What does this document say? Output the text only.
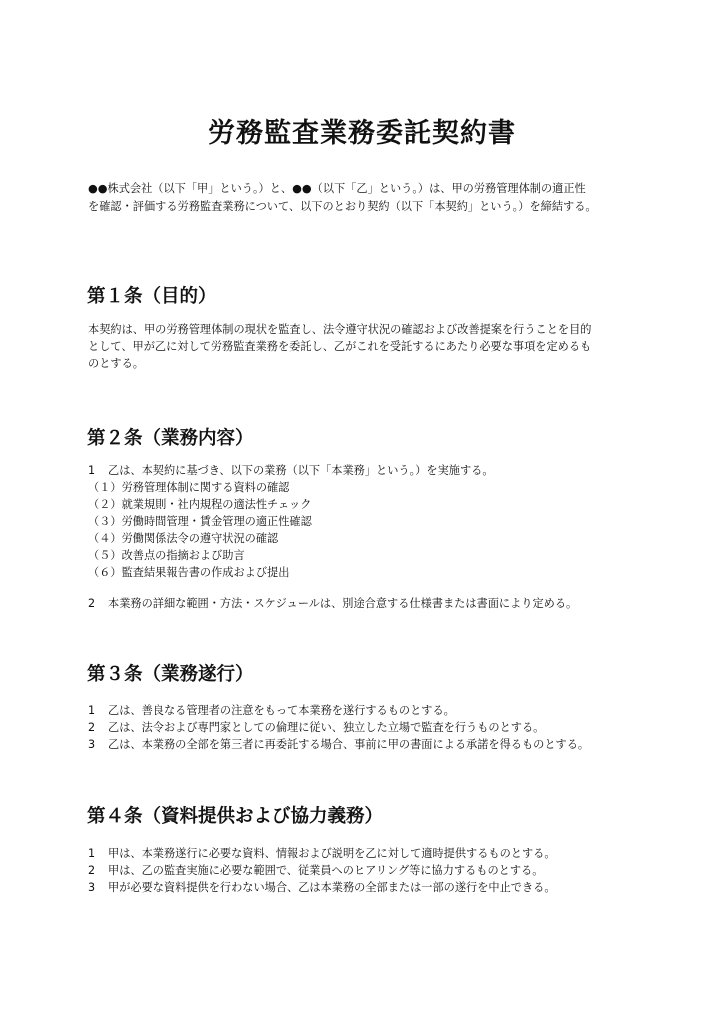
労務監査業務委託契約書
●●株式会社（以下「甲」という。）と、●●（以下「乙」という。）は、甲の労務管理体制の適正性
を確認・評価する労務監査業務について、以下のとおり契約（以下「本契約」という。）を締結する。
第１条（目的）
本契約は、甲の労務管理体制の現状を監査し、法令遵守状況の確認および改善提案を行うことを目的
として、甲が乙に対して労務監査業務を委託し、乙がこれを受託するにあたり必要な事項を定めるも
のとする。
第２条（業務内容）
1 乙は、本契約に基づき、以下の業務（以下「本業務」という。）を実施する。
（１）労務管理体制に関する資料の確認
（２）就業規則・社内規程の適法性チェック
（３）労働時間管理・賃金管理の適正性確認
（４）労働関係法令の遵守状況の確認
（５）改善点の指摘および助言
（６）監査結果報告書の作成および提出
2 本業務の詳細な範囲・方法・スケジュールは、別途合意する仕様書または書面により定める。
第３条（業務遂行）
1 乙は、善良なる管理者の注意をもって本業務を遂行するものとする。
2 乙は、法令および専門家としての倫理に従い、独立した立場で監査を行うものとする。
3 乙は、本業務の全部を第三者に再委託する場合、事前に甲の書面による承諾を得るものとする。
第４条（資料提供および協力義務）
1 甲は、本業務遂行に必要な資料、情報および説明を乙に対して適時提供するものとする。
2 甲は、乙の監査実施に必要な範囲で、従業員へのヒアリング等に協力するものとする。
3 甲が必要な資料提供を行わない場合、乙は本業務の全部または一部の遂行を中止できる。
